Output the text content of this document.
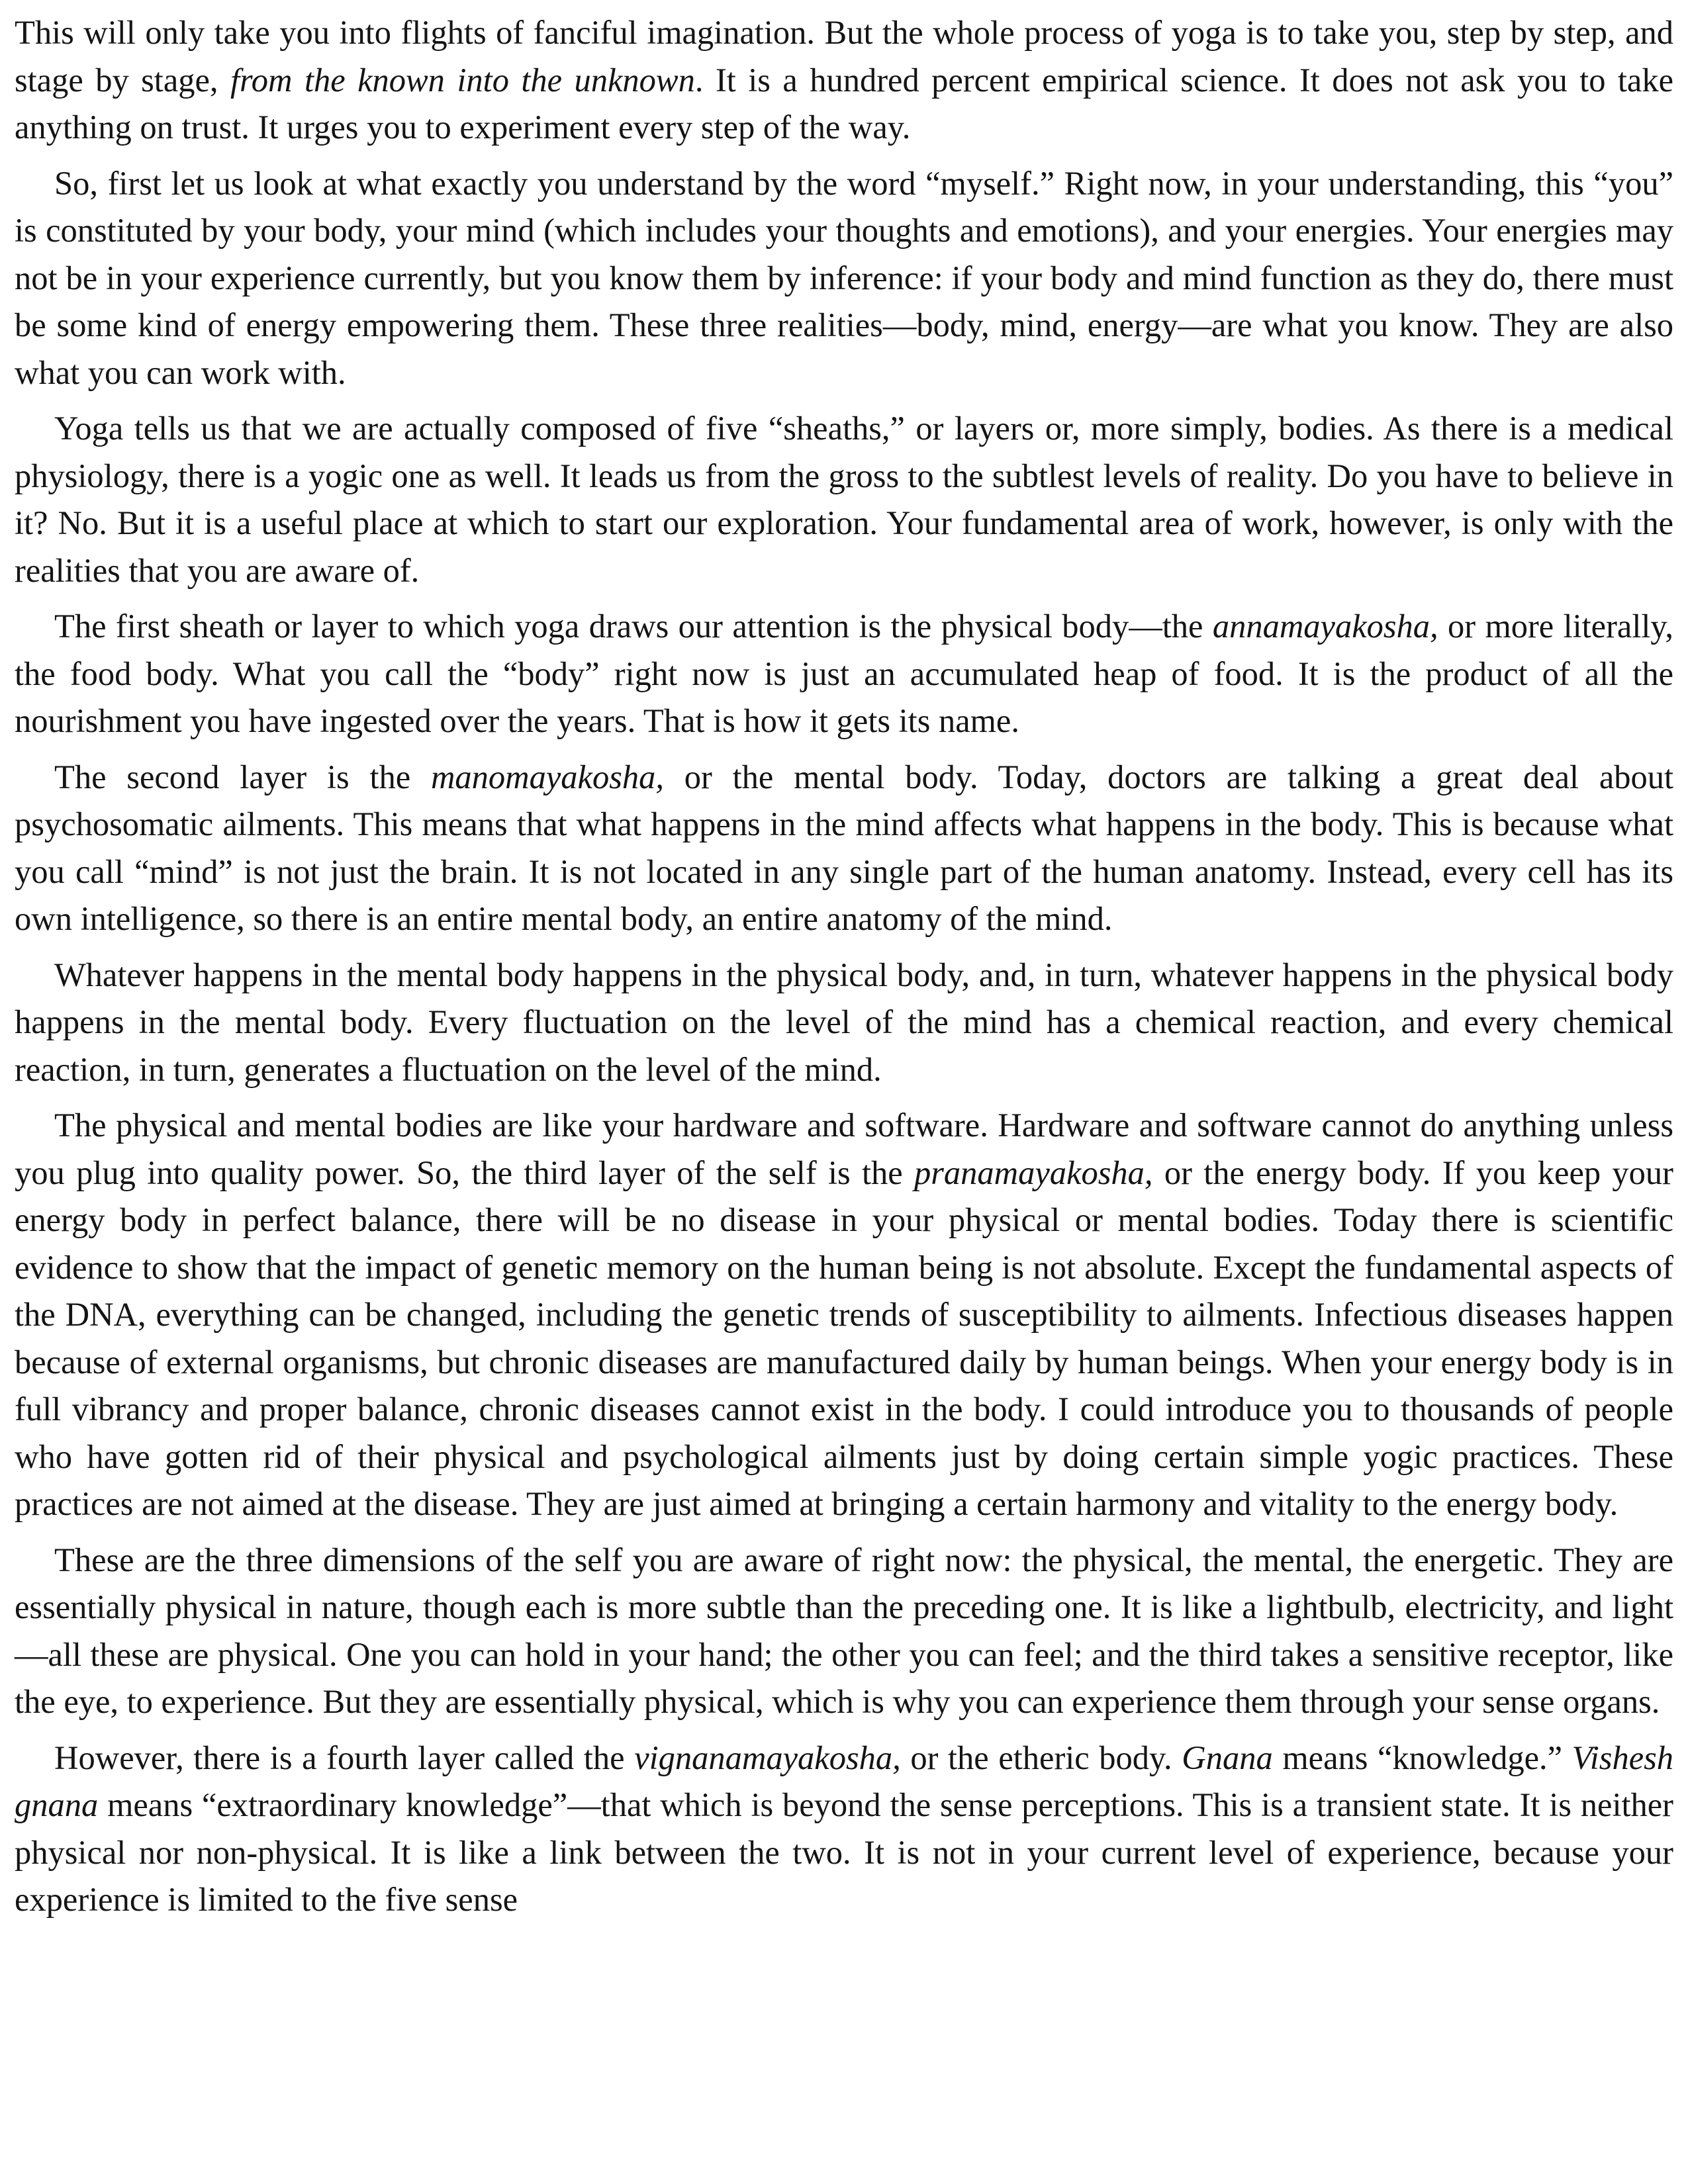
This will only take you into flights of fanciful imagination. But the whole process of yoga is to take you, step by step, and stage by stage, from the known into the unknown. It is a hundred percent empirical science. It does not ask you to take anything on trust. It urges you to experiment every step of the way.

So, first let us look at what exactly you understand by the word “myself.” Right now, in your understanding, this “you” is constituted by your body, your mind (which includes your thoughts and emotions), and your energies. Your energies may not be in your experience currently, but you know them by inference: if your body and mind function as they do, there must be some kind of energy empowering them. These three realities—body, mind, energy—are what you know. They are also what you can work with.

Yoga tells us that we are actually composed of five “sheaths,” or layers or, more simply, bodies. As there is a medical physiology, there is a yogic one as well. It leads us from the gross to the subtlest levels of reality. Do you have to believe in it? No. But it is a useful place at which to start our exploration. Your fundamental area of work, however, is only with the realities that you are aware of.

The first sheath or layer to which yoga draws our attention is the physical body—the annamayakosha, or more literally, the food body. What you call the “body” right now is just an accumulated heap of food. It is the product of all the nourishment you have ingested over the years. That is how it gets its name.

The second layer is the manomayakosha, or the mental body. Today, doctors are talking a great deal about psychosomatic ailments. This means that what happens in the mind affects what happens in the body. This is because what you call “mind” is not just the brain. It is not located in any single part of the human anatomy. Instead, every cell has its own intelligence, so there is an entire mental body, an entire anatomy of the mind.

Whatever happens in the mental body happens in the physical body, and, in turn, whatever happens in the physical body happens in the mental body. Every fluctuation on the level of the mind has a chemical reaction, and every chemical reaction, in turn, generates a fluctuation on the level of the mind.

The physical and mental bodies are like your hardware and software. Hardware and software cannot do anything unless you plug into quality power. So, the third layer of the self is the pranamayakosha, or the energy body. If you keep your energy body in perfect balance, there will be no disease in your physical or mental bodies. Today there is scientific evidence to show that the impact of genetic memory on the human being is not absolute. Except the fundamental aspects of the DNA, everything can be changed, including the genetic trends of susceptibility to ailments. Infectious diseases happen because of external organisms, but chronic diseases are manufactured daily by human beings. When your energy body is in full vibrancy and proper balance, chronic diseases cannot exist in the body. I could introduce you to thousands of people who have gotten rid of their physical and psychological ailments just by doing certain simple yogic practices. These practices are not aimed at the disease. They are just aimed at bringing a certain harmony and vitality to the energy body.

These are the three dimensions of the self you are aware of right now: the physical, the mental, the energetic. They are essentially physical in nature, though each is more subtle than the preceding one. It is like a lightbulb, electricity, and light—all these are physical. One you can hold in your hand; the other you can feel; and the third takes a sensitive receptor, like the eye, to experience. But they are essentially physical, which is why you can experience them through your sense organs.

However, there is a fourth layer called the vignanamayakosha, or the etheric body. Gnana means “knowledge.” Vishesh gnana means “extraordinary knowledge”—that which is beyond the sense perceptions. This is a transient state. It is neither physical nor non-physical. It is like a link between the two. It is not in your current level of experience, because your experience is limited to the five sense
